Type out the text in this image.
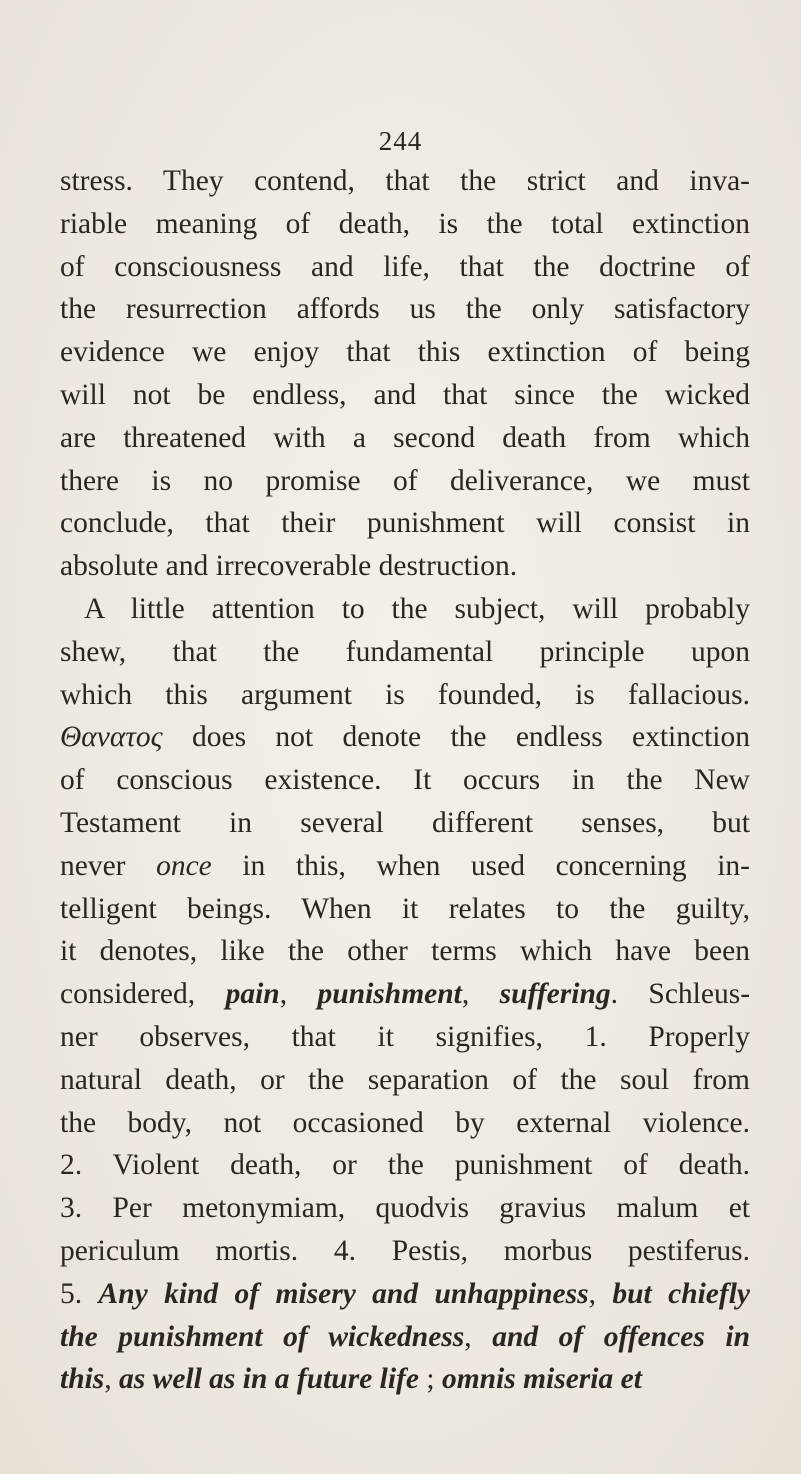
244
stress. They contend, that the strict and inva-
riable meaning of death, is the total extinction
of consciousness and life, that the doctrine of
the resurrection affords us the only satisfactory
evidence we enjoy that this extinction of being
will not be endless, and that since the wicked
are threatened with a second death from which
there is no promise of deliverance, we must
conclude, that their punishment will consist in
absolute and irrecoverable destruction.
A little attention to the subject, will probably
shew, that the fundamental principle upon
which this argument is founded, is fallacious.
Θανατος does not denote the endless extinction
of conscious existence. It occurs in the New
Testament in several different senses, but
never once in this, when used concerning in-
telligent beings. When it relates to the guilty,
it denotes, like the other terms which have been
considered, pain, punishment, suffering. Schleus-
ner observes, that it signifies, 1. Properly
natural death, or the separation of the soul from
the body, not occasioned by external violence.
2. Violent death, or the punishment of death.
3. Per metonymiam, quodvis gravius malum et
periculum mortis. 4. Pestis, morbus pestiferus.
5. Any kind of misery and unhappiness, but chiefly
the punishment of wickedness, and of offences in
this, as well as in a future life ; omnis miseria et
